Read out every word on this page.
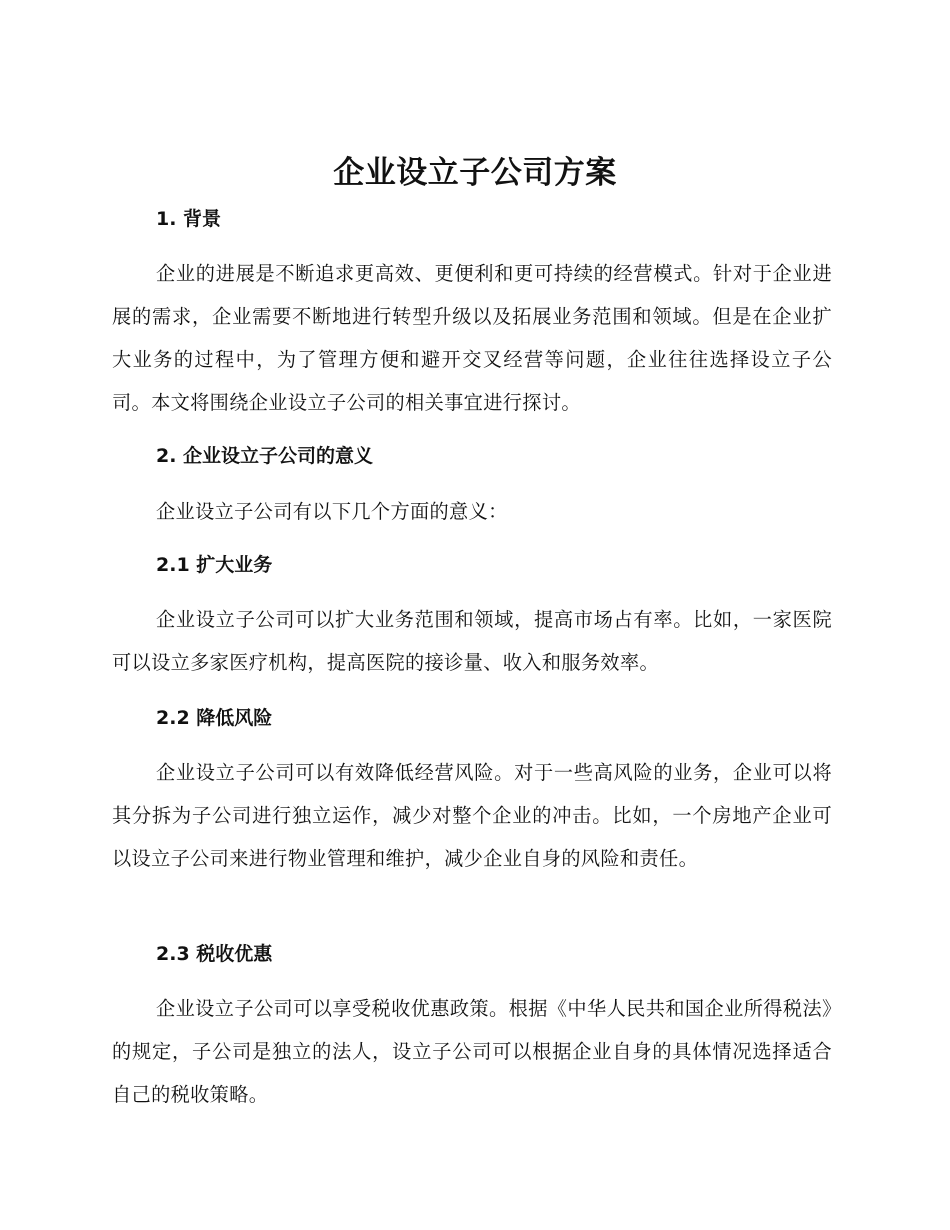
企业设立子公司方案
1. 背景

企业的进展是不断追求更高效、更便利和更可持续的经营模式。针对于企业进展的需求，企业需要不断地进行转型升级以及拓展业务范围和领域。但是在企业扩大业务的过程中，为了管理方便和避开交叉经营等问题，企业往往选择设立子公司。本文将围绕企业设立子公司的相关事宜进行探讨。

2. 企业设立子公司的意义

企业设立子公司有以下几个方面的意义：

2.1 扩大业务

企业设立子公司可以扩大业务范围和领域，提高市场占有率。比如，一家医院可以设立多家医疗机构，提高医院的接诊量、收入和服务效率。

2.2 降低风险

企业设立子公司可以有效降低经营风险。对于一些高风险的业务，企业可以将其分拆为子公司进行独立运作，减少对整个企业的冲击。比如，一个房地产企业可以设立子公司来进行物业管理和维护，减少企业自身的风险和责任。

2.3 税收优惠

企业设立子公司可以享受税收优惠政策。根据《中华人民共和国企业所得税法》的规定，子公司是独立的法人，设立子公司可以根据企业自身的具体情况选择适合自己的税收策略。
